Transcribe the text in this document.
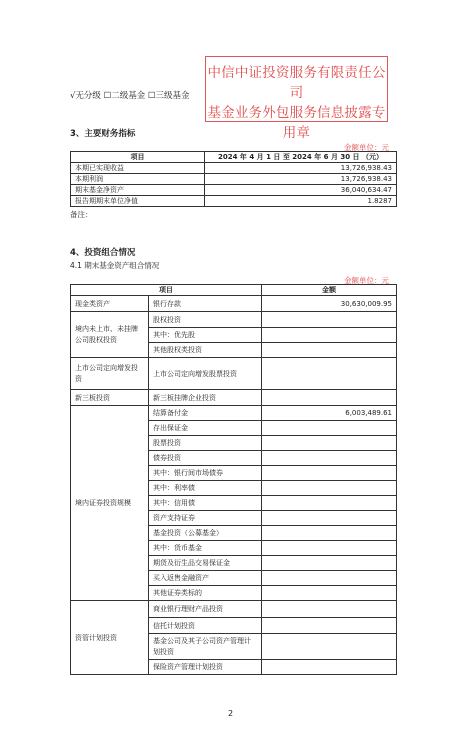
中信中证投资服务有限责任公司
基金业务外包服务信息披露专用章
√无分级 ☐二级基金 ☐三级基金
3、主要财务指标
金额单位：元
项目	2024 年 4 月 1 日 至 2024 年 6 月 30 日 （元）
本期已实现收益	13,726,938.43
本期利润	13,726,938.43
期末基金净资产	36,040,634.47
报告期期末单位净值	1.8287
备注：
4、投资组合情况
4.1 期末基金资产组合情况
金额单位：元
项目		金额
现金类资产	银行存款	30,630,009.95
境内未上市、未挂牌公司股权投资	股权投资	
	其中：优先股	
	其他股权类投资	
上市公司定向增发投资	上市公司定向增发股票投资	
新三板投资	新三板挂牌企业投资	
境内证券投资规模	结算备付金	6,003,489.61
	存出保证金	
	股票投资	
	债券投资	
	其中：银行间市场债券	
	其中：利率债	
	其中：信用债	
	资产支持证券	
	基金投资（公募基金）	
	其中：货币基金	
	期货及衍生品交易保证金	
	买入返售金融资产	
	其他证券类标的	
资管计划投资	商业银行理财产品投资	
	信托计划投资	
	基金公司及其子公司资产管理计划投资	
	保险资产管理计划投资	
2
